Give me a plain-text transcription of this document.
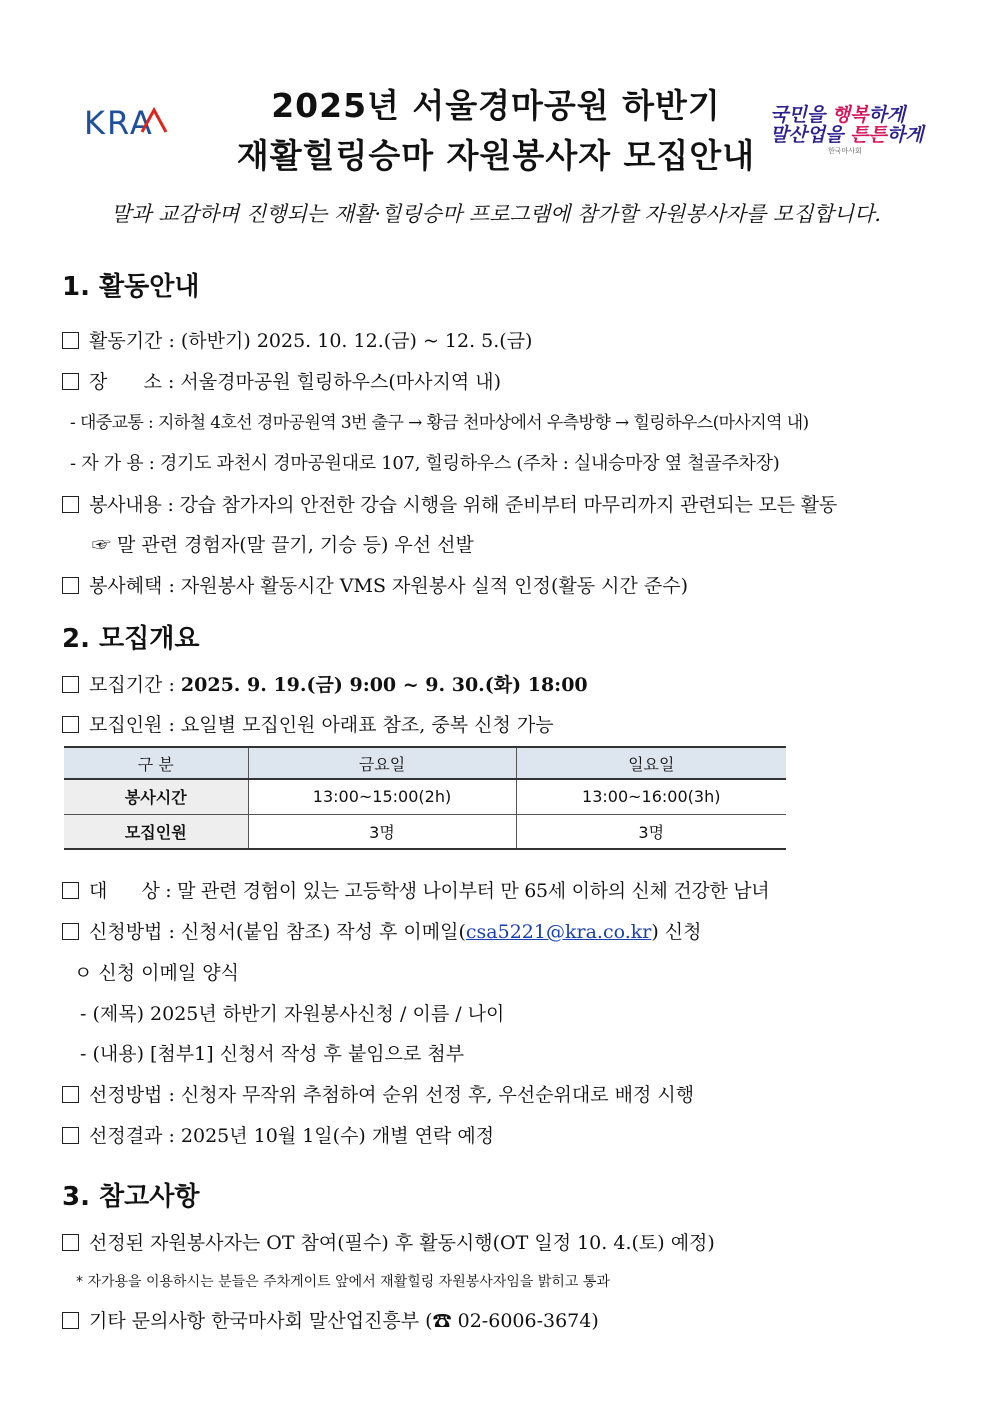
KRA	2025년 서울경마공원 하반기
재활힐링승마 자원봉사자 모집안내
국민을 행복하게
말산업을 튼튼하게
한국마사회
말과 교감하며 진행되는 재활·힐링승마 프로그램에 참가할 자원봉사자를 모집합니다.
1. 활동안내
활동기간 : (하반기) 2025. 10. 12.(금) ~ 12. 5.(금)
장      소 : 서울경마공원 힐링하우스(마사지역 내)
- 대중교통 : 지하철 4호선 경마공원역 3번 출구 → 황금 천마상에서 우측방향 → 힐링하우스(마사지역 내)
- 자 가 용 : 경기도 과천시 경마공원대로 107, 힐링하우스 (주차 : 실내승마장 옆 철골주차장)
봉사내용 : 강습 참가자의 안전한 강습 시행을 위해 준비부터 마무리까지 관련되는 모든 활동
☞ 말 관련 경험자(말 끌기, 기승 등) 우선 선발
봉사혜택 : 자원봉사 활동시간 VMS 자원봉사 실적 인정(활동 시간 준수)
2. 모집개요
모집기간 : 2025. 9. 19.(금) 9:00 ~ 9. 30.(화) 18:00
모집인원 : 요일별 모집인원 아래표 참조, 중복 신청 가능
구 분	금요일	일요일
봉사시간	13:00~15:00(2h)	13:00~16:00(3h)
모집인원	3명	3명
대      상 : 말 관련 경험이 있는 고등학생 나이부터 만 65세 이하의 신체 건강한 남녀
신청방법 : 신청서(붙임 참조) 작성 후 이메일(csa5221@kra.co.kr) 신청
ㅇ 신청 이메일 양식
- (제목) 2025년 하반기 자원봉사신청 / 이름 / 나이
- (내용) [첨부1] 신청서 작성 후 붙임으로 첨부
선정방법 : 신청자 무작위 추첨하여 순위 선정 후, 우선순위대로 배정 시행
선정결과 : 2025년 10월 1일(수) 개별 연락 예정
3. 참고사항
선정된 자원봉사자는 OT 참여(필수) 후 활동시행(OT 일정 10. 4.(토) 예정)
* 자가용을 이용하시는 분들은 주차게이트 앞에서 재활힐링 자원봉사자임을 밝히고 통과
기타 문의사항 한국마사회 말산업진흥부 (☎ 02-6006-3674)
